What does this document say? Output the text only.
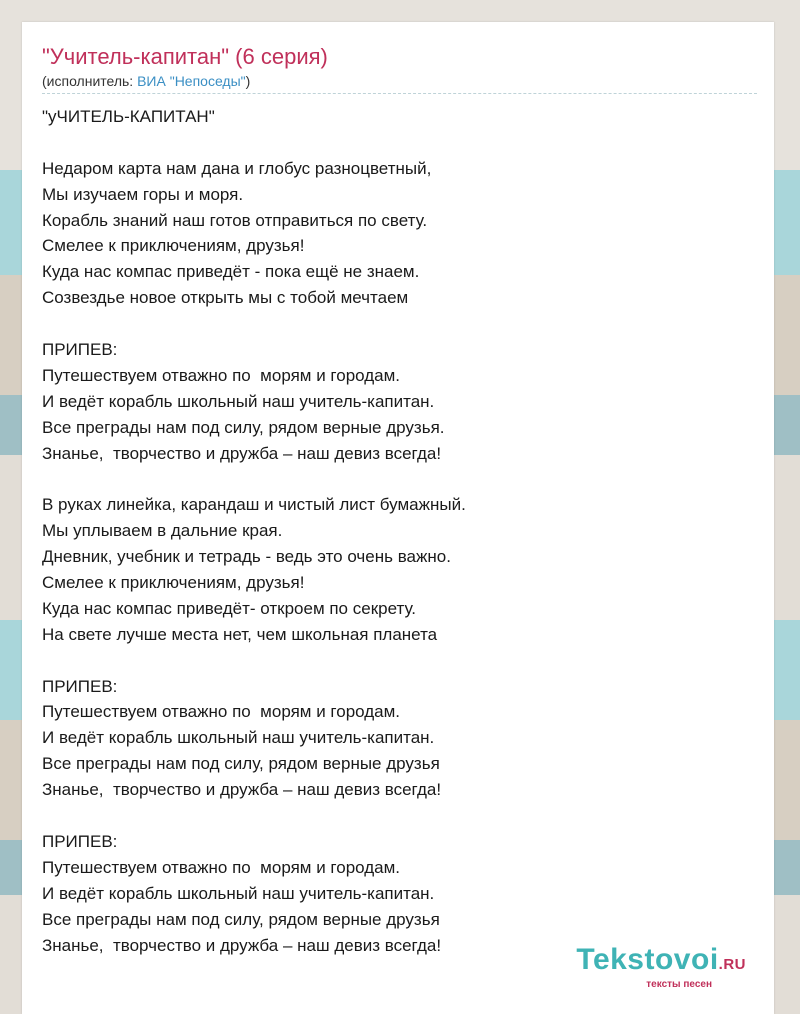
"Учитель-капитан" (6 серия)
(исполнитель: ВИА "Непоседы")
"уЧИТЕЛЬ-КАПИТАН"
Недаром карта нам дана и глобус разноцветный,
Мы изучаем горы и моря.
Корабль знаний наш готов отправиться по свету.
Смелее к приключениям, друзья!
Куда нас компас приведёт - пока ещё не знаем.
Созвездье новое открыть мы с тобой мечтаем
ПРИПЕВ:
Путешествуем отважно по  морям и городам.
И ведёт корабль школьный наш учитель-капитан.
Все преграды нам под силу, рядом верные друзья.
Знанье,  творчество и дружба – наш девиз всегда!
В руках линейка, карандаш и чистый лист бумажный.
Мы уплываем в дальние края.
Дневник, учебник и тетрадь - ведь это очень важно.
Смелее к приключениям, друзья!
Куда нас компас приведёт- откроем по секрету.
На свете лучше места нет, чем школьная планета
ПРИПЕВ:
Путешествуем отважно по  морям и городам.
И ведёт корабль школьный наш учитель-капитан.
Все преграды нам под силу, рядом верные друзья
Знанье,  творчество и дружба – наш девиз всегда!
ПРИПЕВ:
Путешествуем отважно по  морям и городам.
И ведёт корабль школьный наш учитель-капитан.
Все преграды нам под силу, рядом верные друзья
Знанье,  творчество и дружба – наш девиз всегда!	Tekstovoi.RU
тексты песен
